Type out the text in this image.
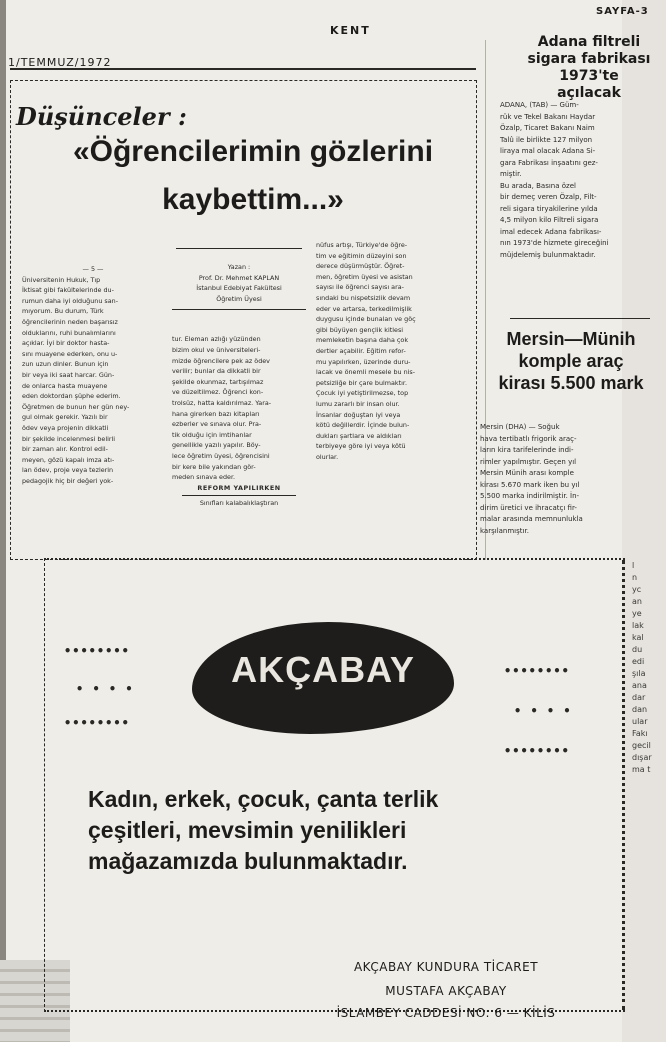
SAYFA-3
KENT
1/TEMMUZ/1972
Düşünceler :
«Öğrencilerimin gözlerini
kaybettim...»
— 5 —
Üniversitenin Hukuk, Tıp
İktisat gibi fakültelerinde du-
rumun daha iyi olduğunu san-
mıyorum. Bu durum, Türk
öğrencilerinin neden başarısız
olduklarını, ruhi bunalımlarını
açıklar. İyi bir doktor hasta-
sını muayene ederken, onu u-
zun uzun dinler. Bunun için
bir veya iki saat harcar. Gün-
de onlarca hasta muayene
eden doktordan şüphe ederim.
Öğretmen de bunun her gün ney-
gul olmak gerekir. Yazılı bir
ödev veya projenin dikkatli
bir şekilde incelenmesi belirli
bir zaman alır. Kontrol edil-
meyen, gözü kapalı imza atı-
lan ödev, proje veya tezlerin
pedagojik hiç bir değeri yok-
Yazan :
Prof. Dr. Mehmet KAPLAN
İstanbul Edebiyat Fakültesi
Öğretim Üyesi
tur. Eleman azlığı yüzünden
bizim okul ve üniversiteleri-
mizde öğrencilere pek az ödev
verilir; bunlar da dikkatli bir
şekilde okunmaz, tartışılmaz
ve düzeltilmez. Öğrenci kon-
trolsüz, hatta kaldırılmaz. Yara-
hana girerken bazı kitapları
ezberler ve sınava olur. Pra-
tik olduğu için imtihanlar
genellikle yazılı yapılır. Böy-
lece öğretim üyesi, öğrencisini
bir kere bile yakından gör-
meden sınava eder.
REFORM YAPILIRKEN
Sınıfları kalabalıklaştıran
nüfus artışı, Türkiye'de öğre-
tim ve eğitimin düzeyini son
derece düşürmüştür. Öğret-
men, öğretim üyesi ve asistan
sayısı ile öğrenci sayısı ara-
sındaki bu nispetsizlik devam
eder ve artarsa, terkedilmişlik
duygusu içinde bunalan ve göç
gibi büyüyen gençlik kitlesi
memleketin başına daha çok
dertler açabilir. Eğitim refor-
mu yapılırken, üzerinde duru-
lacak ve önemli mesele bu nis-
petsizliğe bir çare bulmaktır.
Çocuk iyi yetiştirilmezse, top
lumu zararlı bir insan olur.
İnsanlar doğuştan iyi veya
kötü değillerdir. İçinde bulun-
dukları şartlara ve aldıkları
terbiyeye göre iyi veya kötü
olurlar.
Adana filtreli
sigara fabrikası
1973'te açılacak
ADANA, (TAB) — Güm-
rük ve Tekel Bakanı Haydar
Özalp, Ticaret Bakanı Naim
Talû ile birlikte 127 milyon
liraya mal olacak Adana Si-
gara Fabrikası inşaatını gez-
miştir.
Bu arada, Basına özel
bir demeç veren Özalp, Filt-
reli sigara tiryakilerine yılda
4,5 milyon kilo Filtreli sigara
imal edecek Adana fabrikası-
nın 1973'de hizmete gireceğini
müjdelemiş bulunmaktadır.
Mersin—Münih
komple araç
kirası 5.500 mark
Mersin (DHA) — Soğuk
hava tertibatlı frigorik araç-
ların kira tarifelerinde indi-
rimler yapılmıştır. Geçen yıl
Mersin Münih arası komple
kirası 5.670 mark iken bu yıl
5.500 marka indirilmiştir. İn-
dirim üretici ve ihracatçı fir-
malar arasında memnunlukla
karşılanmıştır.
AKÇABAY
••••••••
• • • •
••••••••
••••••••
• • • •
••••••••
Kadın, erkek, çocuk, çanta terlik
çeşitleri, mevsimin yenilikleri
mağazamızda bulunmaktadır.
AKÇABAY KUNDURA TİCARET
MUSTAFA AKÇABAY
İSLAMBEY CADDESİ NO: 6 — KİLİS
l
n
yc
an
ye
lak
kal
du
edi
şıla
ana
dar
dan
ular
Fakı
gecil
dışar
ma t
